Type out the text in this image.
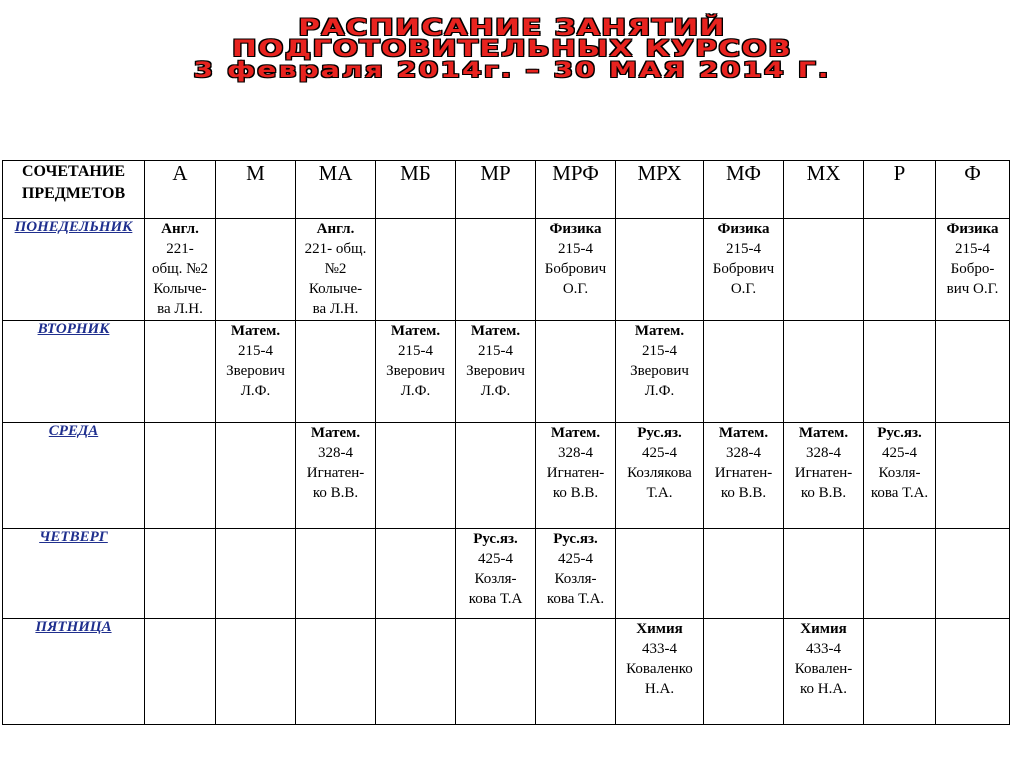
РАСПИСАНИЕ ЗАНЯТИЙ
ПОДГОТОВИТЕЛЬНЫХ КУРСОВ
3 февраля 2014г. – 30 МАЯ 2014 Г.
СОЧЕТАНИЕ ПРЕДМЕТОВ	А	М	МА	МБ	МР	МРФ	МРХ	МФ	МХ	Р	Ф
ПОНЕДЕЛЬНИК	Англ.
221-
общ. №2
Колыче-
ва Л.Н.		Англ.
221- общ.
№2
Колыче-
ва Л.Н.			Физика
215-4
Бобрович
О.Г.		Физика
215-4
Бобрович
О.Г.			Физика
215-4
Бобро-
вич О.Г.

ВТОРНИК		Матем.
215-4
Зверович
Л.Ф.		Матем.
215-4
Зверович
Л.Ф.	Матем.
215-4
Зверович
Л.Ф.		Матем.
215-4
Зверович
Л.Ф.				

СРЕДА			Матем.
328-4
Игнатен-
ко В.В.			Матем.
328-4
Игнатен-
ко В.В.	Рус.яз.
425-4
Козлякова
Т.А.	Матем.
328-4
Игнатен-
ко В.В.	Матем.
328-4
Игнатен-
ко В.В.	Рус.яз.
425-4
Козля-
кова Т.А.	

ЧЕТВЕРГ					Рус.яз.
425-4
Козля-
кова Т.А	Рус.яз.
425-4
Козля-
кова Т.А.					

ПЯТНИЦА							Химия
433-4
Коваленко
Н.А.		Химия
433-4
Ковален-
ко Н.А.		
